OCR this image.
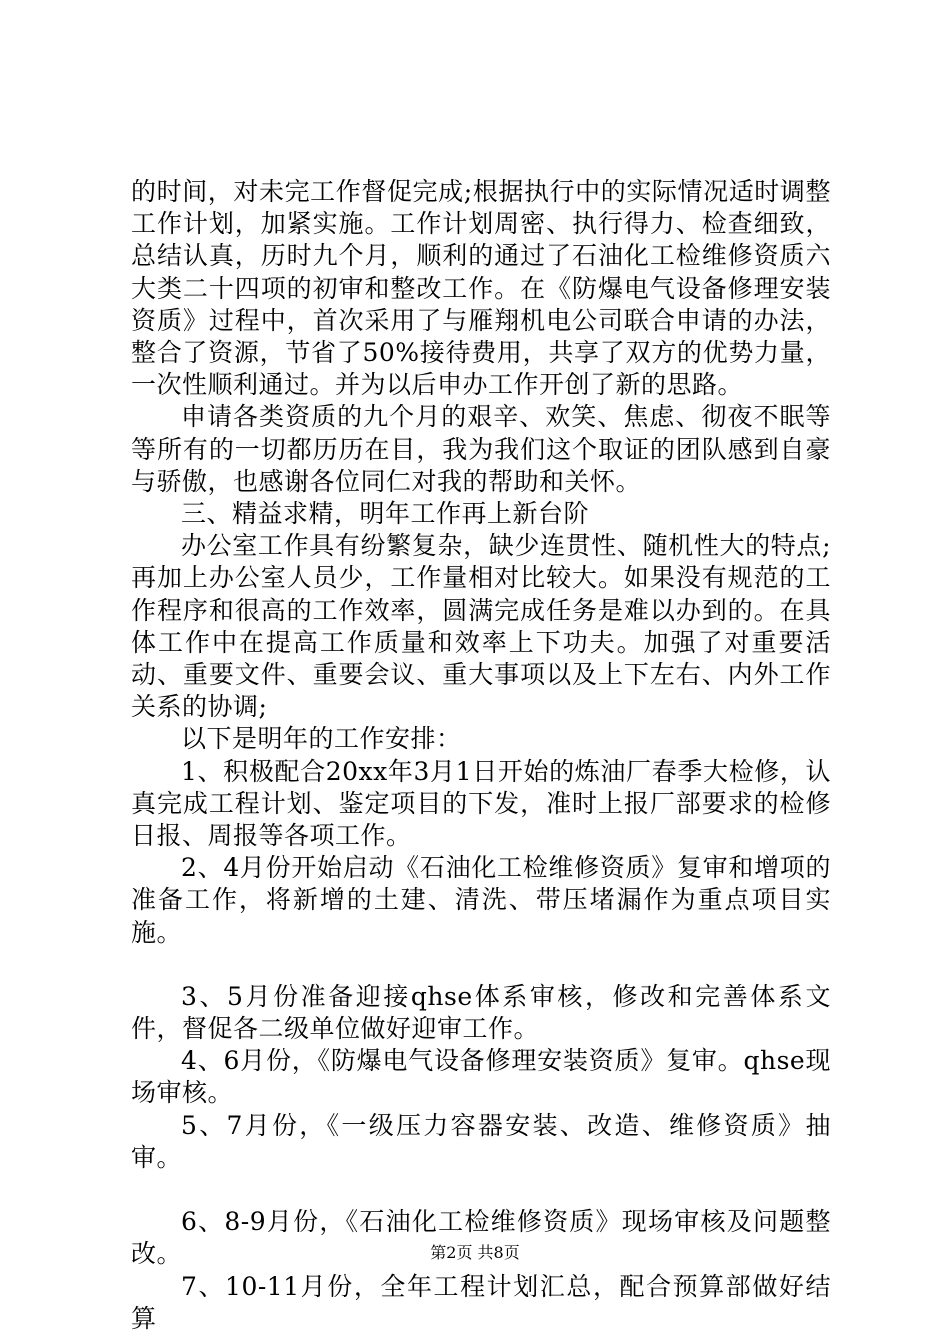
的时间，对未完工作督促完成;根据执行中的实际情况适时调整工作计划，加紧实施。工作计划周密、执行得力、检查细致，总结认真，历时九个月，顺利的通过了石油化工检维修资质六大类二十四项的初审和整改工作。在《防爆电气设备修理安装资质》过程中，首次采用了与雁翔机电公司联合申请的办法，整合了资源，节省了50%接待费用，共享了双方的优势力量，一次性顺利通过。并为以后申办工作开创了新的思路。

申请各类资质的九个月的艰辛、欢笑、焦虑、彻夜不眠等等所有的一切都历历在目，我为我们这个取证的团队感到自豪与骄傲，也感谢各位同仁对我的帮助和关怀。

三、精益求精，明年工作再上新台阶

办公室工作具有纷繁复杂，缺少连贯性、随机性大的特点;再加上办公室人员少，工作量相对比较大。如果没有规范的工作程序和很高的工作效率，圆满完成任务是难以办到的。在具体工作中在提高工作质量和效率上下功夫。加强了对重要活动、重要文件、重要会议、重大事项以及上下左右、内外工作关系的协调;

以下是明年的工作安排：

1、积极配合20xx年3月1日开始的炼油厂春季大检修，认真完成工程计划、鉴定项目的下发，准时上报厂部要求的检修日报、周报等各项工作。

2、4月份开始启动《石油化工检维修资质》复审和增项的准备工作，将新增的土建、清洗、带压堵漏作为重点项目实施。

3、5月份准备迎接qhse体系审核，修改和完善体系文件，督促各二级单位做好迎审工作。

4、6月份，《防爆电气设备修理安装资质》复审。qhse现场审核。

5、7月份，《一级压力容器安装、改造、维修资质》抽审。

6、8-9月份，《石油化工检维修资质》现场审核及问题整改。

7、10-11月份，全年工程计划汇总，配合预算部做好结算

第2页 共8页
